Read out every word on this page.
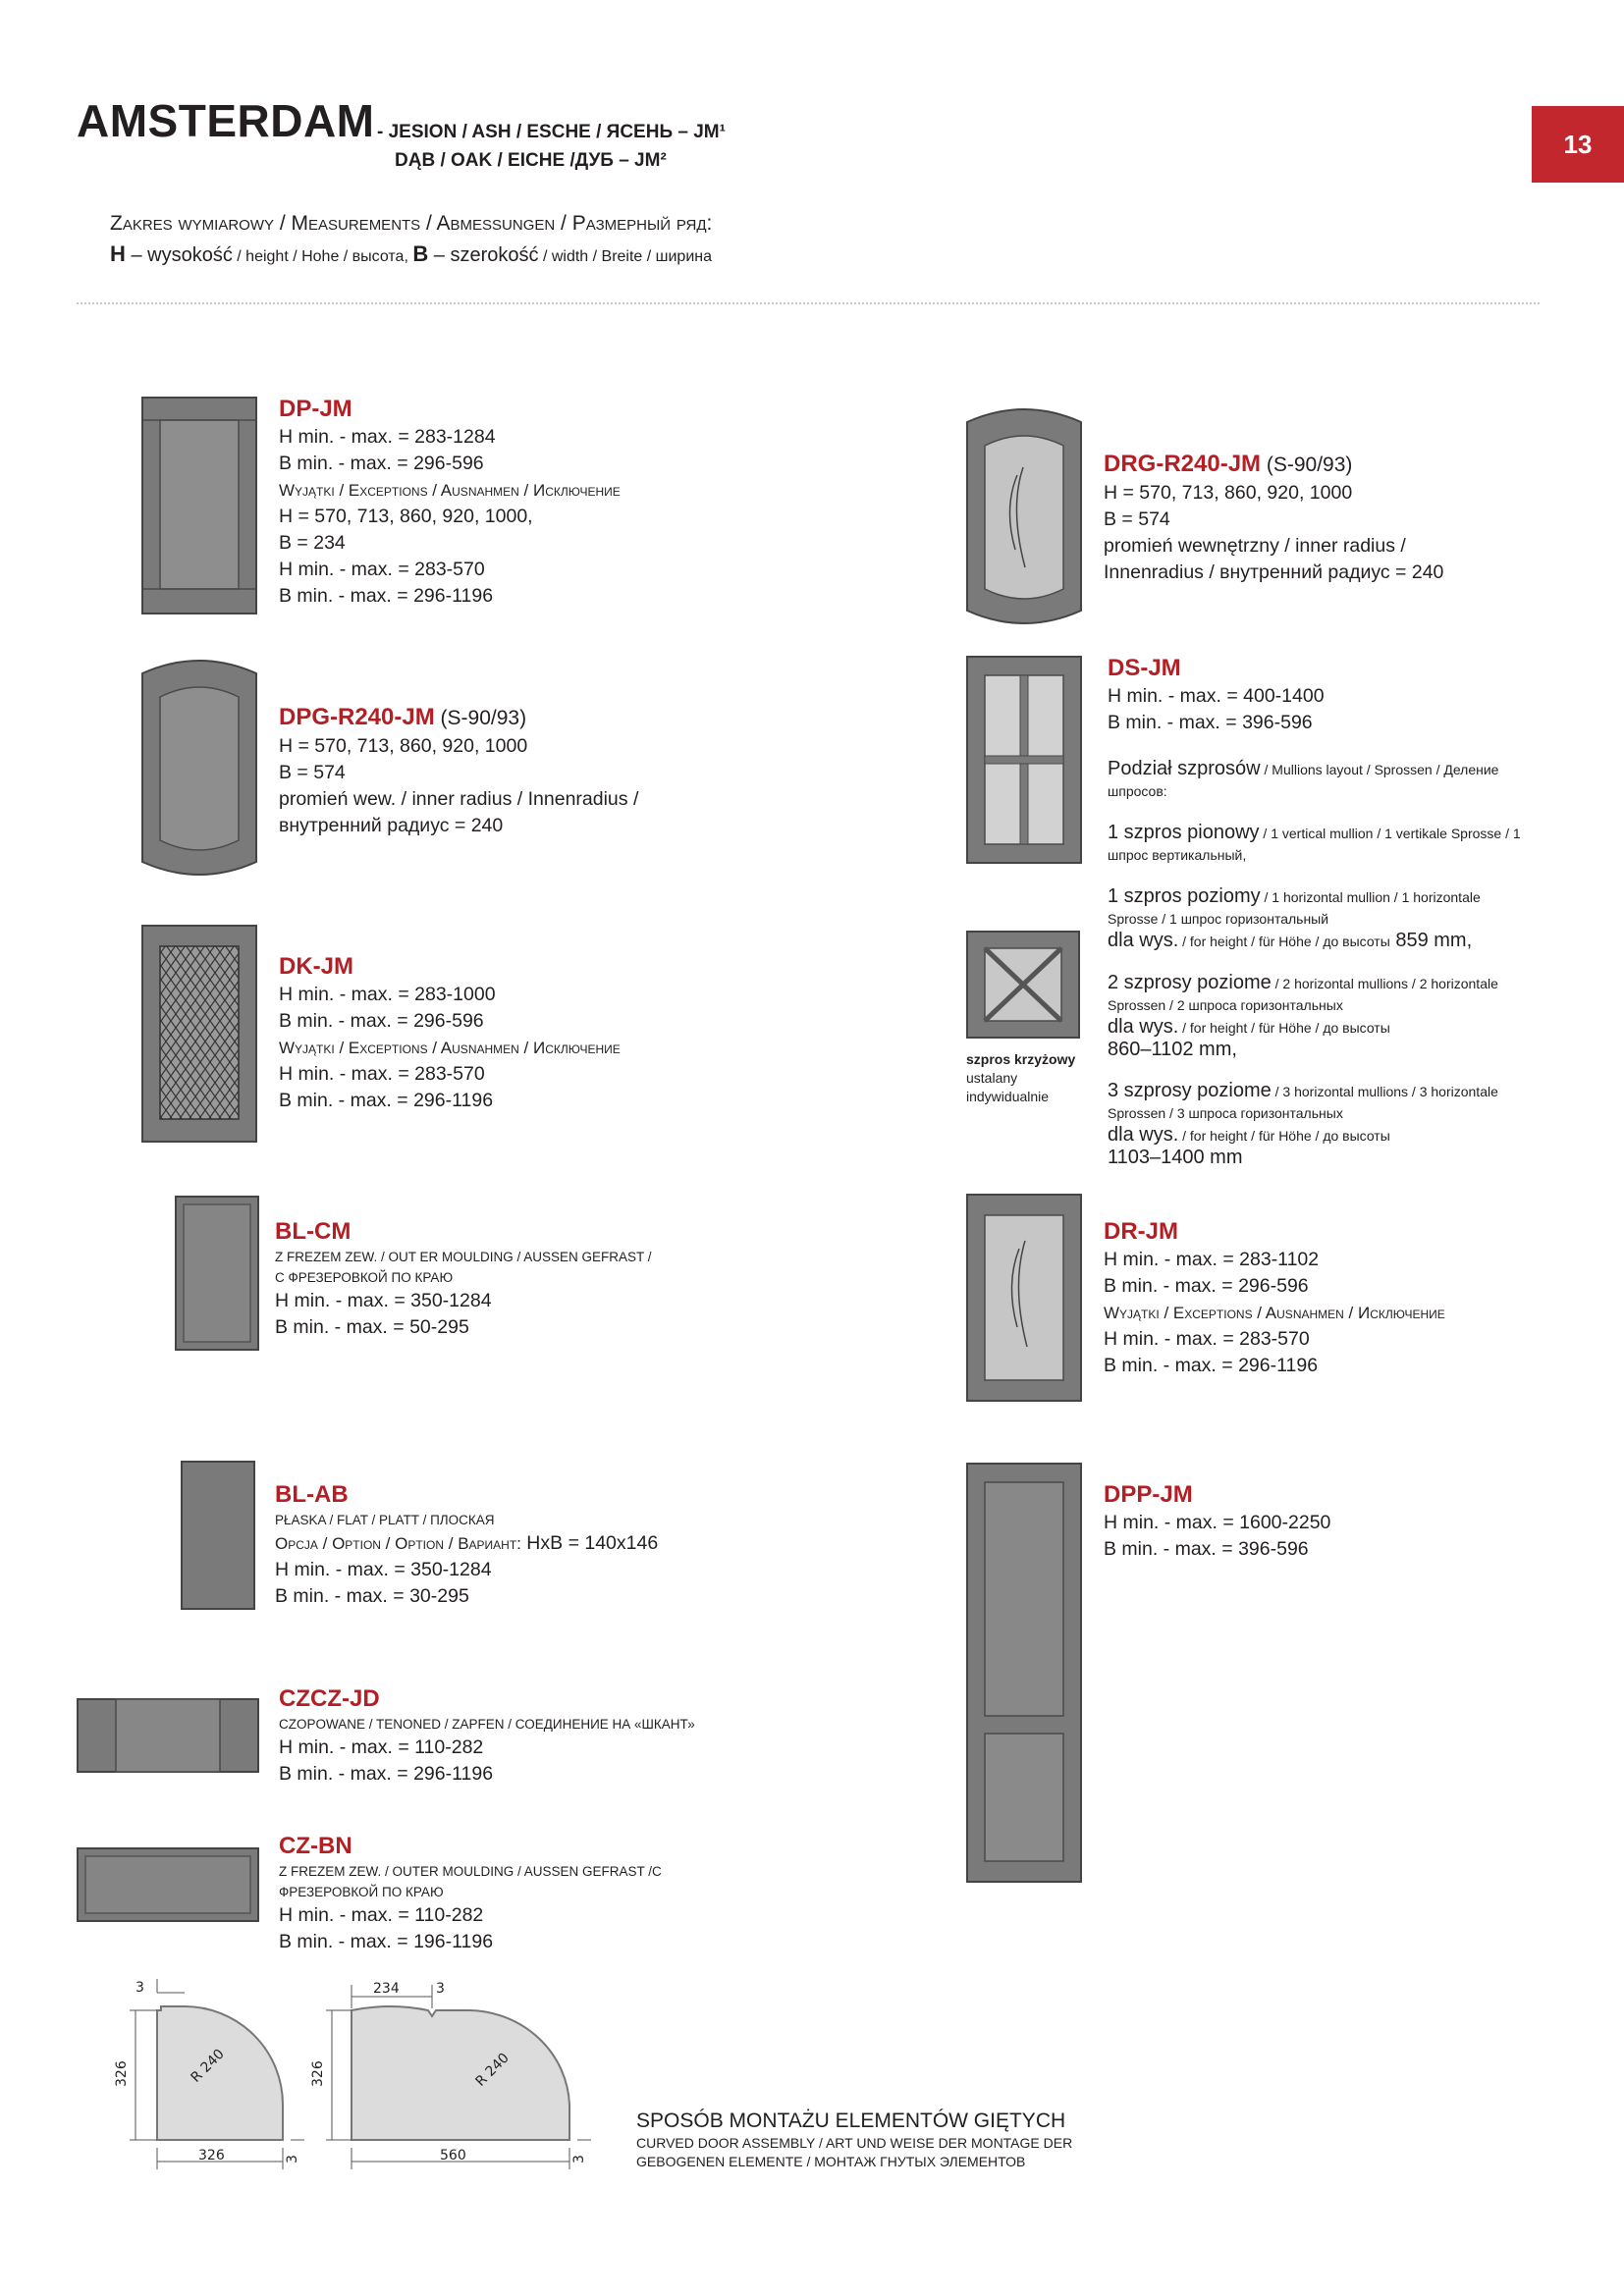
AMSTERDAM - JESION / ASH / ESCHE / ЯСЕНЬ – JM¹
DĄB / OAK / EICHE /ДУБ – JM²
13
Zakres wymiarowy / Measurements / Abmessungen / Размерный ряд:
H – wysokość / height / Hohe / высота, B – szerokość / width / Breite / ширина
DP-JM
H min. - max. = 283-1284
B min. - max. = 296-596
Wyjątki / Exceptions / Ausnahmen / Исключение
H = 570, 713, 860, 920, 1000,
B = 234
H min. - max. = 283-570
B min. - max. = 296-1196
DPG-R240-JM (S-90/93)
H = 570, 713, 860, 920, 1000
B = 574
promień wew. / inner radius / Innenradius /
внутренний радиус = 240
DK-JM
H min. - max. = 283-1000
B min. - max. = 296-596
Wyjątki / Exceptions / Ausnahmen / Исключение
H min. - max. = 283-570
B min. - max. = 296-1196
BL-CM
Z FREZEM ZEW. / OUT ER MOULDING / AUSSEN GEFRAST /
С ФРЕЗЕРОВКОЙ ПО КРАЮ
H min. - max. = 350-1284
B min. - max. = 50-295
BL-AB
PŁASKA / FLAT / PLATT / ПЛОСКАЯ
Opcja / Option / Option / Вариант: HxB = 140x146
H min. - max. = 350-1284
B min. - max. = 30-295
CZCZ-JD
CZOPOWANE / TENONED / ZAPFEN / СОЕДИНЕНИЕ НА «ШКАНТ»
H min. - max. = 110-282
B min. - max. = 296-1196
CZ-BN
Z FREZEM ZEW. / OUTER MOULDING / AUSSEN GEFRAST /С
ФРЕЗЕРОВКОЙ ПО КРАЮ
H min. - max. = 110-282
B min. - max. = 196-1196
DRG-R240-JM (S-90/93)
H = 570, 713, 860, 920, 1000
B = 574
promień wewnętrzny / inner radius /
Innenradius / внутренний радиус = 240
DS-JM
H min. - max. = 400-1400
B min. - max. = 396-596
Podział szprosów / Mullions layout / Sprossen / Деление
шпросов:
1 szpros pionowy / 1 vertical mullion / 1 vertikale Sprosse / 1
шпрос вертикальный,
1 szpros poziomy / 1 horizontal mullion / 1 horizontale
Sprosse / 1 шпрос горизонтальный
dla wys. / for height / für Höhe / до высоты 859 mm,
2 szprosy poziome / 2 horizontal mullions / 2 horizontale
Sprossen / 2 шпроса горизонтальных
dla wys. / for height / für Höhe / до высоты
860–1102 mm,
3 szprosy poziome / 3 horizontal mullions / 3 horizontale
Sprossen / 3 шпроса горизонтальных
dla wys. / for height / für Höhe / до высоты
1103–1400 mm
szpros krzyżowy
ustalany
indywidualnie
DR-JM
H min. - max. = 283-1102
B min. - max. = 296-596
Wyjątki / Exceptions / Ausnahmen / Исключение
H min. - max. = 283-570
B min. - max. = 296-1196
DPP-JM
H min. - max. = 1600-2250
B min. - max. = 396-596
3
326	R 240
326	3
234	3
326	R 240
560	3
SPOSÓB MONTAŻU ELEMENTÓW GIĘTYCH
CURVED DOOR ASSEMBLY / ART UND WEISE DER MONTAGE DER
GEBOGENEN ELEMENTE / МОНТАЖ ГНУТЫХ ЭЛЕМЕНТОВ
